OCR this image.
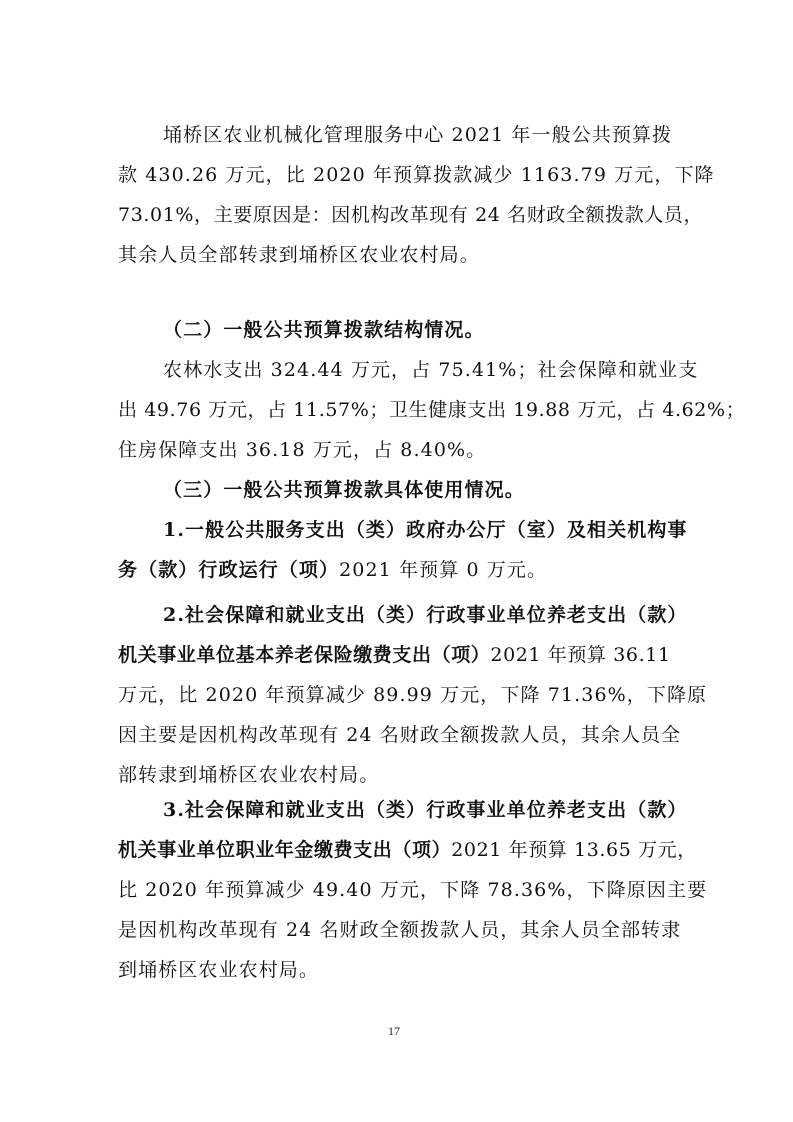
埇桥区农业机械化管理服务中心 2021 年一般公共预算拨
款 430.26 万元，比 2020 年预算拨款减少 1163.79 万元，下降
73.01%，主要原因是：因机构改革现有 24 名财政全额拨款人员，
其余人员全部转隶到埇桥区农业农村局。
（二）一般公共预算拨款结构情况。
农林水支出 324.44 万元，占 75.41%；社会保障和就业支
出 49.76 万元，占 11.57%；卫生健康支出 19.88 万元，占 4.62%；
住房保障支出 36.18 万元，占 8.40%。
（三）一般公共预算拨款具体使用情况。
1.一般公共服务支出（类）政府办公厅（室）及相关机构事
务（款）行政运行（项）2021 年预算 0 万元。
2.社会保障和就业支出（类）行政事业单位养老支出（款）
机关事业单位基本养老保险缴费支出（项）2021 年预算 36.11
万元，比 2020 年预算减少 89.99 万元，下降 71.36%，下降原
因主要是因机构改革现有 24 名财政全额拨款人员，其余人员全
部转隶到埇桥区农业农村局。
3.社会保障和就业支出（类）行政事业单位养老支出（款）
机关事业单位职业年金缴费支出（项）2021 年预算 13.65 万元，
比 2020 年预算减少 49.40 万元，下降 78.36%，下降原因主要
是因机构改革现有 24 名财政全额拨款人员，其余人员全部转隶
到埇桥区农业农村局。
17
